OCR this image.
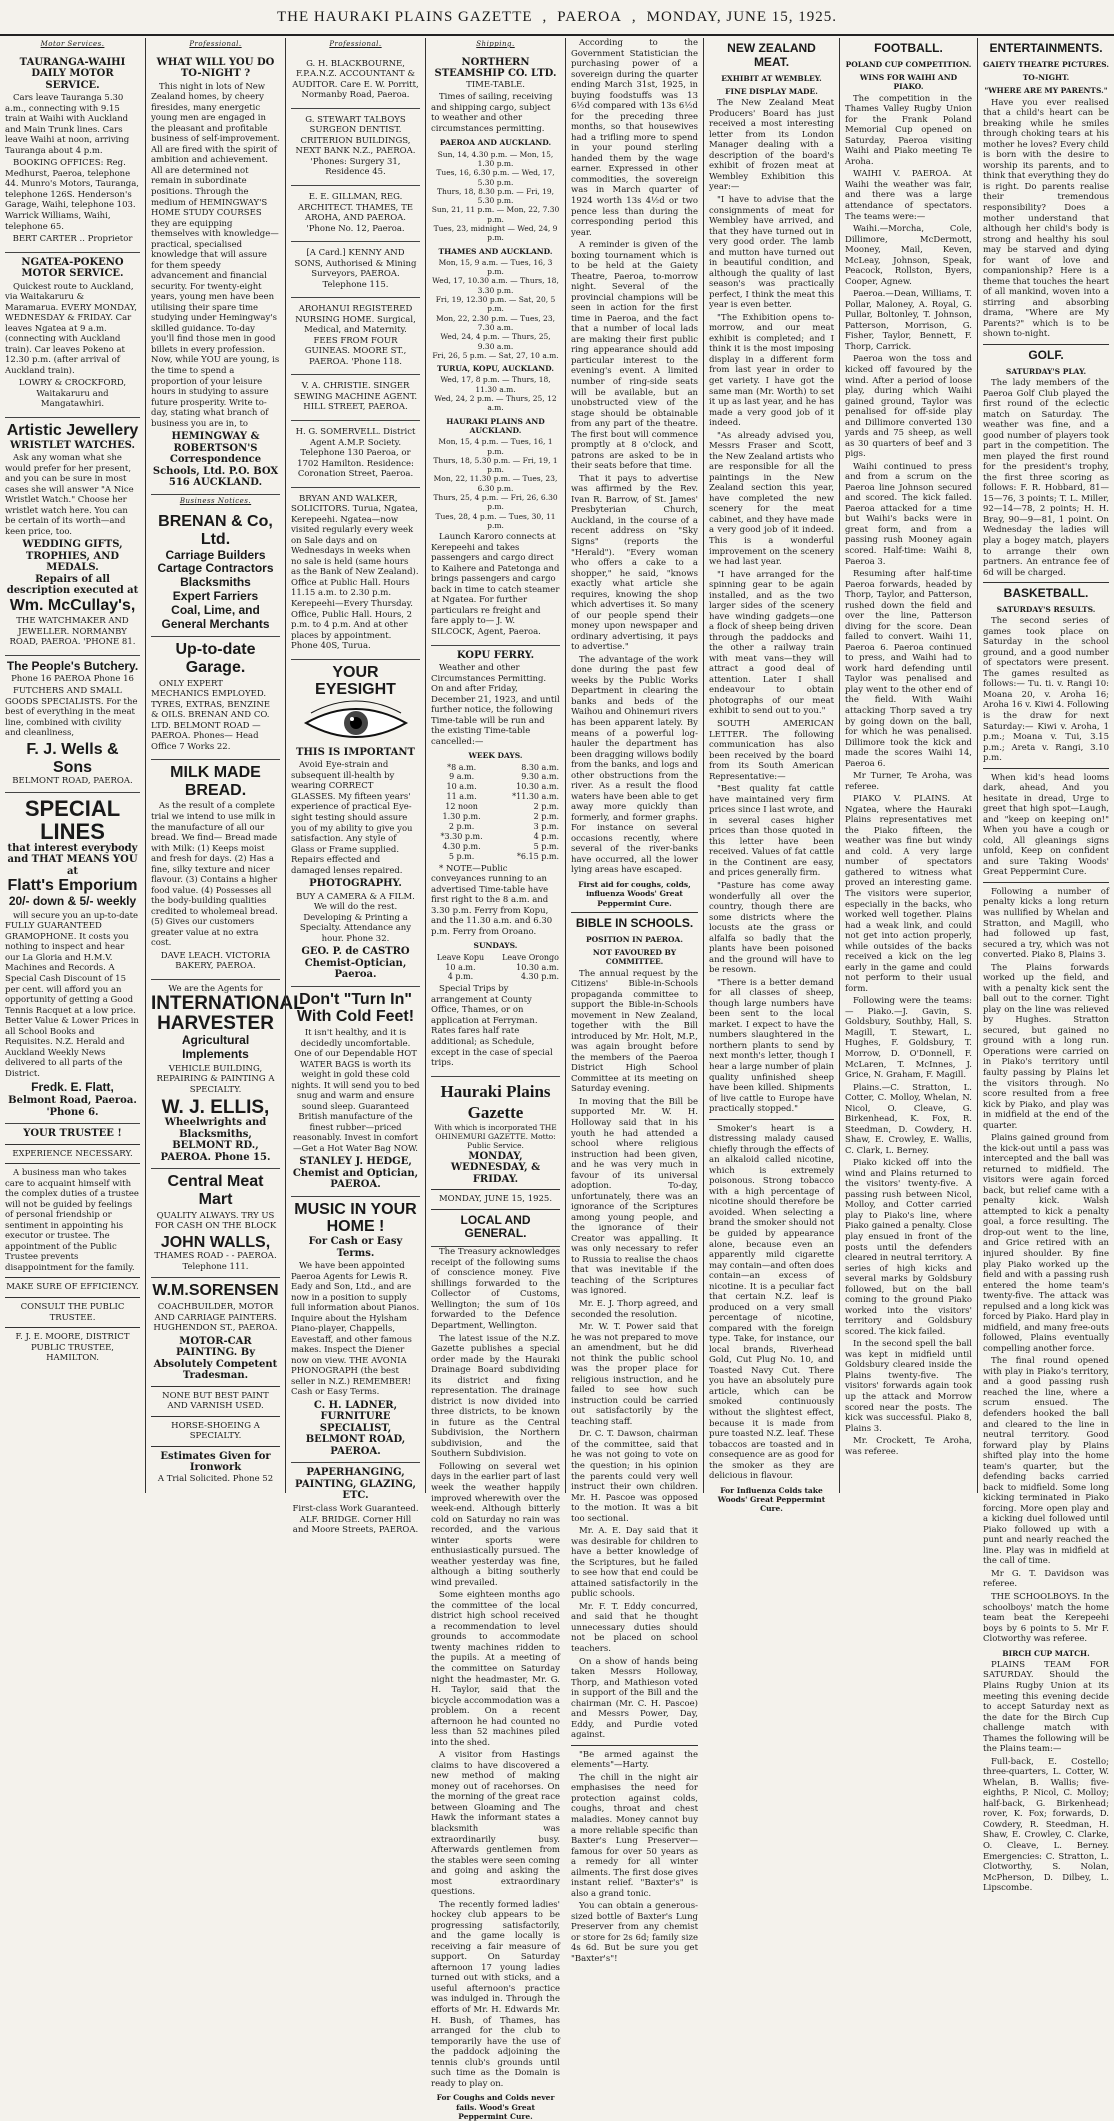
THE HAURAKI PLAINS GAZETTE , PAEROA , MONDAY, JUNE 15, 1925.
Motor Services.
TAURANGA-WAIHI DAILY MOTOR SERVICE.

Cars leave Tauranga 5.30 a.m., connecting with 9.15 train at Waihi with Auckland and Main Trunk lines. Cars leave Waihi at noon, arriving Tauranga about 4 p.m.

BOOKING OFFICES: Reg. Medhurst, Paeroa, telephone 44. Munro's Motors, Tauranga, telephone 126S. Henderson's Garage, Waihi, telephone 103. Warrick Williams, Waihi, telephone 65.

BERT CARTER .. Proprietor

NGATEA-POKENO MOTOR SERVICE.

Quickest route to Auckland, via Waitakaruru & Maramarua. EVERY MONDAY, WEDNESDAY & FRIDAY. Car leaves Ngatea at 9 a.m. (connecting with Auckland train). Car leaves Pokeno at 12.30 p.m. (after arrival of Auckland train).

LOWRY & CROCKFORD, Waitakaruru and Mangatawhiri.

Artistic Jewellery
WRISTLET WATCHES.

Ask any woman what she would prefer for her present, and you can be sure in most cases she will answer "A Nice Wristlet Watch." Choose her wristlet watch here. You can be certain of its worth—and keen price, too.

WEDDING GIFTS, TROPHIES, AND MEDALS.
Repairs of all description executed at
Wm. McCullay's,

THE WATCHMAKER AND JEWELLER. NORMANBY ROAD, PAEROA. 'PHONE 81.

The People's Butchery.
Phone 16 PAEROA Phone 16

FUTCHERS AND SMALL GOODS SPECIALISTS. For the best of everything in the meat line, combined with civility and cleanliness,

F. J. Wells & Sons
BELMONT ROAD, PAEROA.
SPECIAL LINES
that interest everybody and THAT MEANS YOU at
Flatt's Emporium
20/- down & 5/- weekly

will secure you an up-to-date FULLY GUARANTEED GRAMOPHONE. It costs you nothing to inspect and hear our La Gloria and H.M.V. Machines and Records. A Special Cash Discount of 15 per cent. will afford you an opportunity of getting a Good Tennis Racquet at a low price. Better Value & Lower Prices in all School Books and Requisites. N.Z. Herald and Auckland Weekly News delivered to all parts of the District.

Fredk. E. Flatt,
Belmont Road, Paeroa. 'Phone 6.
YOUR TRUSTEE !
EXPERIENCE NECESSARY.

A business man who takes care to acquaint himself with the complex duties of a trustee will not be guided by feelings of personal friendship or sentiment in appointing his executor or trustee. The appointment of the Public Trustee prevents disappointment for the family.

MAKE SURE OF EFFICIENCY.
CONSULT THE PUBLIC TRUSTEE.
F. J. E. MOORE, DISTRICT PUBLIC TRUSTEE, HAMILTON.
Professional.
WHAT WILL YOU DO TO-NIGHT ?

This night in lots of New Zealand homes, by cheery firesides, many energetic young men are engaged in the pleasant and profitable business of self-improvement. All are fired with the spirit of ambition and achievement. All are determined not remain in subordinate positions. Through the medium of HEMINGWAY'S HOME STUDY COURSES they are equipping themselves with knowledge—practical, specialised knowledge that will assure for them speedy advancement and financial security. For twenty-eight years, young men have been utilising their spare time studying under Hemingway's skilled guidance. To-day you'll find those men in good billets in every profession. Now, while YOU are young, is the time to spend a proportion of your leisure hours in studying to assure future prosperity. Write to-day, stating what branch of business you are in, to

HEMINGWAY & ROBERTSON'S Correspondence Schools, Ltd. P.O. BOX 516 AUCKLAND.
Business Notices.
BRENAN & Co, Ltd.
Carriage Builders
Cartage Contractors
Blacksmiths
Expert Farriers
Coal, Lime, and
General Merchants
Up-to-date Garage.

ONLY EXPERT MECHANICS EMPLOYED. TYRES, EXTRAS, BENZINE & OILS. BRENAN AND CO. LTD. BELMONT ROAD — PAEROA. Phones— Head Office 7 Works 22.

MILK MADE BREAD.

As the result of a complete trial we intend to use milk in the manufacture of all our bread. We find— Bread made with Milk: (1) Keeps moist and fresh for days. (2) Has a fine, silky texture and nicer flavour. (3) Contains a higher food value. (4) Possesses all the body-building qualities credited to wholemeal bread. (5) Gives our customers greater value at no extra cost.

DAVE LEACH. VICTORIA BAKERY, PAEROA.

We are the Agents for
INTERNATIONAL HARVESTER
Agricultural Implements

VEHICLE BUILDING, REPAIRING & PAINTING A SPECIALTY.

W. J. ELLIS,
Wheelwrights and Blacksmiths,
BELMONT RD., PAEROA. Phone 15.
Central Meat Mart

QUALITY ALWAYS. TRY US FOR CASH ON THE BLOCK

JOHN WALLS,
THAMES ROAD - - PAEROA. Telephone 111.
W.M.SORENSEN

COACHBUILDER, MOTOR AND CARRIAGE PAINTERS. HUGHENDON ST., PAEROA.

MOTOR-CAR PAINTING. By Absolutely Competent Tradesman.
NONE BUT BEST PAINT AND VARNISH USED.
HORSE-SHOEING A SPECIALTY.
Estimates Given for Ironwork
A Trial Solicited. Phone 52
Professional.

G. H. BLACKBOURNE, F.P.A.N.Z. ACCOUNTANT & AUDITOR. Care E. W. Porritt, Normanby Road, Paeroa.

G. STEWART TALBOYS SURGEON DENTIST. CRITERION BUILDINGS, NEXT BANK N.Z., PAEROA. 'Phones: Surgery 31, Residence 45.

E. E. GILLMAN, REG. ARCHITECT. THAMES, TE AROHA, AND PAEROA. 'Phone No. 12, Paeroa.

[A Card.] KENNY AND SONS, Authorised & Mining Surveyors, PAEROA. Telephone 115.

AROHANUI REGISTERED NURSING HOME. Surgical, Medical, and Maternity. FEES FROM FOUR GUINEAS. MOORE ST., PAEROA. 'Phone 118.

V. A. CHRISTIE. SINGER SEWING MACHINE AGENT. HILL STREET, PAEROA.

H. G. SOMERVELL. District Agent A.M.P. Society. Telephone 130 Paeroa, or 1702 Hamilton. Residence: Coronation Street, Paeroa.

BRYAN AND WALKER, SOLICITORS. Turua, Ngatea, Kerepeehi. Ngatea—now visited regularly every week on Sale days and on Wednesdays in weeks when no sale is held (same hours as the Bank of New Zealand). Office at Public Hall. Hours 11.15 a.m. to 2.30 p.m. Kerepeehi—Every Thursday. Office, Public Hall. Hours, 2 p.m. to 4 p.m. And at other places by appointment. Phone 40S, Turua.

YOUR EYESIGHT
THIS IS IMPORTANT

Avoid Eye-strain and subsequent ill-health by wearing CORRECT GLASSES. My fifteen years' experience of practical Eye-sight testing should assure you of my ability to give you satisfaction. Any style of Glass or Frame supplied. Repairs effected and damaged lenses repaired.

PHOTOGRAPHY.

BUY A CAMERA & A FILM. We will do the rest. Developing & Printing a Specialty. Attendance any hour. Phone 32.

GEO. P. de CASTRO Chemist-Optician, Paeroa.
Don't "Turn In" With Cold Feet!

It isn't healthy, and it is decidedly uncomfortable. One of our Dependable HOT WATER BAGS is worth its weight in gold these cold nights. It will send you to bed snug and warm and ensure sound sleep. Guaranteed British manufacture of the finest rubber—priced reasonably. Invest in comfort—Get a Hot Water Bag NOW.

STANLEY J. HEDGE, Chemist and Optician, PAEROA.
MUSIC IN YOUR HOME !
For Cash or Easy Terms.

We have been appointed Paeroa Agents for Lewis R. Eady and Son, Ltd., and are now in a position to supply full information about Pianos. Inquire about the Hylsham Piano-player, Chappells, Eavestaff, and other famous makes. Inspect the Diener now on view. THE AVONIA PHONOGRAPH (the best seller in N.Z.) REMEMBER! Cash or Easy Terms.

C. H. LADNER, FURNITURE SPECIALIST, BELMONT ROAD, PAEROA.
PAPERHANGING, PAINTING, GLAZING, ETC.

First-class Work Guaranteed. ALF. BRIDGE. Corner Hill and Moore Streets, PAEROA.

Shipping.
NORTHERN STEAMSHIP CO. LTD.
TIME-TABLE.

Times of sailing, receiving and shipping cargo, subject to weather and other circumstances permitting.

PAEROA AND AUCKLAND.
Sun, 14, 4.30 p.m. — Mon, 15, 1.30 p.m.
Tues, 16, 6.30 p.m. — Wed, 17, 5.30 p.m.
Thurs, 18, 8.30 p.m. — Fri, 19, 5.30 p.m.
Sun, 21, 11 p.m. — Mon, 22, 7.30 p.m.
Tues, 23, midnight — Wed, 24, 9 p.m.
THAMES AND AUCKLAND.
Mon, 15, 9 a.m. — Tues, 16, 3 p.m.
Wed, 17, 10.30 a.m. — Thurs, 18, 3.30 p.m.
Fri, 19, 12.30 p.m. — Sat, 20, 5 p.m.
Mon, 22, 2.30 p.m. — Tues, 23, 7.30 a.m.
Wed, 24, 4 p.m. — Thurs, 25, 9.30 a.m.
Fri, 26, 5 p.m. — Sat, 27, 10 a.m.
TURUA, KOPU, AUCKLAND.
Wed, 17, 8 p.m. — Thurs, 18, 11.30 a.m.
Wed, 24, 2 p.m. — Thurs, 25, 12 a.m.
HAURAKI PLAINS AND AUCKLAND.
Mon, 15, 4 p.m. — Tues, 16, 1 p.m.
Thurs, 18, 5.30 p.m. — Fri, 19, 1 p.m.
Mon, 22, 11.30 p.m. — Tues, 23, 6.30 p.m.
Thurs, 25, 4 p.m. — Fri, 26, 6.30 p.m.
Tues, 28, 4 p.m. — Tues, 30, 11 p.m.

Launch Karoro connects at Kerepeehi and takes passengers and cargo direct to Kaihere and Patetonga and brings passengers and cargo back in time to catch steamer at Ngatea. For further particulars re freight and fare apply to— J. W. SILCOCK, Agent, Paeroa.

KOPU FERRY.

Weather and other Circumstances Permitting. On and after Friday, December 21, 1923, and until further notice, the following Time-table will be run and the existing Time-table cancelled:—

WEEK DAYS.
*8 a.m.	8.30 a.m.
9 a.m.	9.30 a.m.
10 a.m.	10.30 a.m.
11 a.m.	*11.30 a.m.
12 noon	2 p.m.
1.30 p.m.	2 p.m.
2 p.m.	3 p.m.
*3.30 p.m.	4 p.m.
4.30 p.m.	5 p.m.
5 p.m.	*6.15 p.m.

* NOTE—Public conveyances running to an advertised Time-table have first right to the 8 a.m. and 3.30 p.m. Ferry from Kopu, and the 11.30 a.m. and 6.30 p.m. Ferry from Oroano.

SUNDAYS.
Leave Kopu	Leave Orongo
10 a.m.	10.30 a.m.
4 p.m.	4.30 p.m.

Special Trips by arrangement at County Office, Thames, or on application at Ferryman. Rates fares half rate additional; as Schedule, except in the case of special trips.

Hauraki Plains Gazette
With which is incorporated THE OHINEMURI GAZETTE. Motto: Public Service.
MONDAY, WEDNESDAY, & FRIDAY.
MONDAY, JUNE 15, 1925.
LOCAL AND GENERAL.

The Treasury acknowledges receipt of the following sums of conscience money. Five shillings forwarded to the Collector of Customs, Wellington; the sum of 10s forwarded to the Defence Department, Wellington.

The latest issue of the N.Z. Gazette publishes a special order made by the Hauraki Drainage Board subdividing its district and fixing representation. The drainage district is now divided into three districts, to be known in future as the Central Subdivision, the Northern subdivision, and the Southern Subdivision.

Following on several wet days in the earlier part of last week the weather happily improved wherewith over the week-end. Although bitterly cold on Saturday no rain was recorded, and the various winter sports were enthusiastically pursued. The weather yesterday was fine, although a biting southerly wind prevailed.

Some eighteen months ago the committee of the local district high school received a recommendation to level grounds to accommodate twenty machines ridden to the pupils. At a meeting of the committee on Saturday night the headmaster, Mr. G. H. Taylor, said that the bicycle accommodation was a problem. On a recent afternoon he had counted no less than 52 machines piled into the shed.

A visitor from Hastings claims to have discovered a new method of making money out of racehorses. On the morning of the great race between Gloaming and The Hawk the informant states a blacksmith was extraordinarily busy. Afterwards gentlemen from the stables were seen coming and going and asking the most extraordinary questions.

The recently formed ladies' hockey club appears to be progressing satisfactorily, and the game locally is receiving a fair measure of support. On Saturday afternoon 17 young ladies turned out with sticks, and a useful afternoon's practice was indulged in. Through the efforts of Mr. H. Edwards Mr. H. Bush, of Thames, has arranged for the club to temporarily have the use of the paddock adjoining the tennis club's grounds until such time as the Domain is ready to play on.

For Coughs and Colds never fails. Wood's Great Peppermint Cure.

According to the Government Statistician the purchasing power of a sovereign during the quarter ending March 31st, 1925, in buying foodstuffs was 13 6½d compared with 13s 6½d for the preceding three months, so that housewives had a trifling more to spend in your pound sterling handed them by the wage earner. Expressed in other commodities, the sovereign was in March quarter of 1924 worth 13s 4½d or two pence less than during the corresponding period this year.

A reminder is given of the boxing tournament which is to be held at the Gaiety Theatre, Paeroa, to-morrow night. Several of the provincial champions will be seen in action for the first time in Paeroa, and the fact that a number of local lads are making their first public ring appearance should add particular interest to the evening's event. A limited number of ring-side seats will be available, but an unobstructed view of the stage should be obtainable from any part of the theatre. The first bout will commence promptly at 8 o'clock, and patrons are asked to be in their seats before that time.

That it pays to advertise was affirmed by the Rev. Ivan R. Barrow, of St. James' Presbyterian Church, Auckland, in the course of a recent address on "Sky Signs" (reports the "Herald"). "Every woman who offers a cake to a shopper," he said, "knows exactly what article she requires, knowing the shop which advertises it. So many of our people spend their money upon newspaper and ordinary advertising, it pays to advertise."

The advantage of the work done during the past few weeks by the Public Works Department in clearing the banks and beds of the Waihou and Ohinemuri rivers has been apparent lately. By means of a powerful log-hauler the department has been dragging willows bodily from the banks, and logs and other obstructions from the river. As a result the flood waters have been able to get away more quickly than formerly, and former graphs. For instance on several occasions recently, where several of the river-banks have occurred, all the lower lying areas have escaped.

First aid for coughs, colds, influenza Woods' Great Peppermint Cure.
BIBLE IN SCHOOLS.
POSITION IN PAEROA.
NOT FAVOURED BY COMMITTEE.

The annual request by the Citizens' Bible-in-Schools propaganda committee to support the Bible-in-Schools movement in New Zealand, together with the Bill introduced by Mr. Holt, M.P., was again brought before the members of the Paeroa District High School Committee at its meeting on Saturday evening.

In moving that the Bill be supported Mr. W. H. Holloway said that in his youth he had attended a school where religious instruction had been given, and he was very much in favour of its universal adoption. To-day, unfortunately, there was an ignorance of the Scriptures among young people, and the ignorance of their Creator was appalling. It was only necessary to refer to Russia to realise the chaos that was inevitable if the teaching of the Scriptures was ignored.

Mr. E. J. Thorp agreed, and seconded the resolution.

Mr. W. T. Power said that he was not prepared to move an amendment, but he did not think the public school was the proper place for religious instruction, and he failed to see how such instruction could be carried out satisfactorily by the teaching staff.

Dr. C. T. Dawson, chairman of the committee, said that he was not going to vote on the question; in his opinion the parents could very well instruct their own children. Mr. H. Pascoe was opposed to the motion. It was a bit too sectional.

Mr. A. E. Day said that it was desirable for children to have a better knowledge of the Scriptures, but he failed to see how that end could be attained satisfactorily in the public schools.

Mr. F. T. Eddy concurred, and said that he thought unnecessary duties should not be placed on school teachers.

On a show of hands being taken Messrs Holloway, Thorp, and Mathieson voted in support of the Bill and the chairman (Mr. C. H. Pascoe) and Messrs Power, Day, Eddy, and Purdie voted against.

"Be armed against the elements"—Harty.

The chill in the night air emphasises the need for protection against colds, coughs, throat and chest maladies. Money cannot buy a more reliable specific than Baxter's Lung Preserver—famous for over 50 years as a remedy for all winter ailments. The first dose gives instant relief. "Baxter's" is also a grand tonic.

You can obtain a generous-sized bottle of Baxter's Lung Preserver from any chemist or store for 2s 6d; family size 4s 6d. But be sure you get "Baxter's"!

NEW ZEALAND MEAT.
EXHIBIT AT WEMBLEY.
FINE DISPLAY MADE.

The New Zealand Meat Producers' Board has just received a most interesting letter from its London Manager dealing with a description of the board's exhibit of frozen meat at Wembley Exhibition this year:—

"I have to advise that the consignments of meat for Wembley have arrived, and that they have turned out in very good order. The lamb and mutton have turned out in beautiful condition, and although the quality of last season's was practically perfect, I think the meat this year is even better.

"The Exhibition opens to-morrow, and our meat exhibit is completed; and I think it is the most imposing display in a different form from last year in order to get variety. I have got the same man (Mr. Worth) to set it up as last year, and he has made a very good job of it indeed.

"As already advised you, Messrs Fraser and Scott, the New Zealand artists who are responsible for all the paintings in the New Zealand section this year, have completed the new scenery for the meat cabinet, and they have made a very good job of it indeed. This is a wonderful improvement on the scenery we had last year.

"I have arranged for the spinning gear to be again installed, and as the two larger sides of the scenery have winding gadgets—one a flock of sheep being driven through the paddocks and the other a railway train with meat vans—they will attract a good deal of attention. Later I shall endeavour to obtain photographs of our meat exhibit to send out to you."

SOUTH AMERICAN LETTER. The following communication has also been received by the board from its South American Representative:—

"Best quality fat cattle have maintained very firm prices since I last wrote, and in several cases higher prices than those quoted in this letter have been received. Values of fat cattle in the Continent are easy, and prices generally firm.

"Pasture has come away wonderfully all over the country, though there are some districts where the locusts ate the grass or alfalfa so badly that the plants have been poisoned and the ground will have to be resown.

"There is a better demand for all classes of sheep, though large numbers have been sent to the local market. I expect to have the numbers slaughtered in the northern plants to send by next month's letter, though I hear a large number of plain quality unfinished sheep have been killed. Shipments of live cattle to Europe have practically stopped."

Smoker's heart is a distressing malady caused chiefly through the effects of an alkaloid called nicotine, which is extremely poisonous. Strong tobacco with a high percentage of nicotine should therefore be avoided. When selecting a brand the smoker should not be guided by appearance alone, because even an apparently mild cigarette may contain—and often does contain—an excess of nicotine. It is a peculiar fact that certain N.Z. leaf is produced on a very small percentage of nicotine, compared with the foreign type. Take, for instance, our local brands, Riverhead Gold, Cut Plug No. 10, and Toasted Navy Cut. There you have an absolutely pure article, which can be smoked continuously without the slightest effect, because it is made from pure toasted N.Z. leaf. These tobaccos are toasted and in consequence are as good for the smoker as they are delicious in flavour.

For Influenza Colds take Woods' Great Peppermint Cure.
FOOTBALL.
POLAND CUP COMPETITION.
WINS FOR WAIHI AND PIAKO.

The competition in the Thames Valley Rugby Union for the Frank Poland Memorial Cup opened on Saturday, Paeroa visiting Waihi and Piako meeting Te Aroha.

WAIHI V. PAEROA. At Waihi the weather was fair, and there was a large attendance of spectators. The teams were:—

Waihi.—Morcha, Cole, Dillimore, McDermott, Mooney, Mail, Keven, McLeay, Johnson, Speak, Peacock, Rollston, Byers, Cooper, Agnew.

Paeroa.—Dean, Williams, T. Pollar, Maloney, A. Royal, G. Pullar, Boltonley, T. Johnson, Patterson, Morrison, G. Fisher, Taylor, Bennett, F. Thorp, Carrick.

Paeroa won the toss and kicked off favoured by the wind. After a period of loose play, during which Waihi gained ground, Taylor was penalised for off-side play and Dillimore converted 130 yards and 75 sheep, as well as 30 quarters of beef and 3 pigs.

Waihi continued to press and from a scrum on the Paeroa line Johnson secured and scored. The kick failed. Paeroa attacked for a time but Waihi's backs were in great form, and from a passing rush Mooney again scored. Half-time: Waihi 8, Paeroa 3.

Resuming after half-time Paeroa forwards, headed by Thorp, Taylor, and Patterson, rushed down the field and over the line, Patterson diving for the score. Dean failed to convert. Waihi 11, Paeroa 6. Paeroa continued to press, and Waihi had to work hard defending until Taylor was penalised and play went to the other end of the field. With Waihi attacking Thorp saved a try by going down on the ball, for which he was penalised. Dillimore took the kick and made the scores Waihi 14, Paeroa 6.

Mr Turner, Te Aroha, was referee.

PIAKO V. PLAINS. At Ngatea, where the Hauraki Plains representatives met the Piako fifteen, the weather was fine but windy and cold. A very large number of spectators gathered to witness what proved an interesting game. The visitors were superior, especially in the backs, who worked well together. Plains had a weak link, and could not get into action properly, while outsides of the backs received a kick on the leg early in the game and could not perform to their usual form.

Following were the teams:— Piako.—J. Gavin, S. Goldsbury, Southby, Hall, S. Magill, T. Stewart, L. Hughes, F. Goldsbury, T. Morrow, D. O'Donnell, F. McLaren, T. McInnes, J. Grice, N. Graham, F. Magill.

Plains.—C. Stratton, L. Cotter, C. Molloy, Whelan, N. Nicol, O. Cleave, G. Birkenhead, K. Fox, R. Steedman, D. Cowdery, H. Shaw, E. Crowley, E. Wallis, C. Clark, L. Berney.

Piako kicked off into the wind and Plains returned to the visitors' twenty-five. A passing rush between Nicol, Molloy, and Cotter carried play to Piako's line, where Piako gained a penalty. Close play ensued in front of the posts until the defenders cleared in neutral territory. A series of high kicks and several marks by Goldsbury followed, but on the ball coming to the ground Piako worked into the visitors' territory and Goldsbury scored. The kick failed.

In the second spell the ball was kept in midfield until Goldsbury cleared inside the Plains twenty-five. The visitors' forwards again took up the attack and Morrow scored near the posts. The kick was successful. Piako 8, Plains 3.

Mr. Crockett, Te Aroha, was referee.

ENTERTAINMENTS.
GAIETY THEATRE PICTURES.
TO-NIGHT.
"WHERE ARE MY PARENTS."

Have you ever realised that a child's heart can be breaking while he smiles through choking tears at his mother he loves? Every child is born with the desire to worship its parents, and to think that everything they do is right. Do parents realise their tremendous responsibility? Does a mother understand that although her child's body is strong and healthy his soul may be starved and dying for want of love and companionship? Here is a theme that touches the heart of all mankind, woven into a stirring and absorbing drama, "Where are My Parents?" which is to be shown to-night.

GOLF.
SATURDAY'S PLAY.

The lady members of the Paeroa Golf Club played the first round of the eclectic match on Saturday. The weather was fine, and a good number of players took part in the competition. The men played the first round for the president's trophy, the first three scoring as follows: F. R. Hobbard, 81—15—76, 3 points; T. L. Miller, 92—14—78, 2 points; H. H. Bray, 90—9—81, 1 point. On Wednesday the ladies will play a bogey match, players to arrange their own partners. An entrance fee of 6d will be charged.

BASKETBALL.
SATURDAY'S RESULTS.

The second series of games took place on Saturday in the school ground, and a good number of spectators were present. The games resulted as follows:— Tu. ti. v. Rangi 10: Moana 20, v. Aroha 16; Aroha 16 v. Kiwi 4. Following is the draw for next Saturday:— Kiwi v. Aroha, 1 p.m.; Moana v. Tui, 3.15 p.m.; Areta v. Rangi, 3.10 p.m.

When kid's head looms dark, ahead, And you hesitate in dread, Urge to greet that high spot—Laugh, and "keep on keeping on!" When you have a cough or cold, All gleanings signs unfold, Keep on confident and sure Taking Woods' Great Peppermint Cure.

Following a number of penalty kicks a long return was nullified by Whelan and Stratton, and Magill, who had followed up fast, secured a try, which was not converted. Piako 8, Plains 3.

The Plains forwards worked up the field, and with a penalty kick sent the ball out to the corner. Tight play on the line was relieved by Hughes. Stratton secured, but gained no ground with a long run. Operations were carried on in Piako's territory until faulty passing by Plains let the visitors through. No score resulted from a free kick by Piako, and play was in midfield at the end of the quarter.

Plains gained ground from the kick-out until a pass was intercepted and the ball was returned to midfield. The visitors were again forced back, but relief came with a penalty kick. Walsh attempted to kick a penalty goal, a force resulting. The drop-out went to the line, and Grice retired with an injured shoulder. By fine play Piako worked up the field and with a passing rush entered the home team's twenty-five. The attack was repulsed and a long kick was forced by Piako. Hard play in midfield, and many free-outs followed, Plains eventually compelling another force.

The final round opened with play in Piako's territory, and a good passing rush reached the line, where a scrum ensued. The defenders hooked the ball and cleared to the line in neutral territory. Good forward play by Plains shifted play into the home team's quarter, but the defending backs carried back to midfield. Some long kicking terminated in Piako forcing. More open play and a kicking duel followed until Piako followed up with a punt and nearly reached the line. Play was in midfield at the call of time.

Mr G. T. Davidson was referee.

THE SCHOOLBOYS. In the schoolboys' match the home team beat the Kerepeehi boys by 6 points to 5. Mr F. Clotworthy was referee.

BIRCH CUP MATCH.

PLAINS TEAM FOR SATURDAY. Should the Plains Rugby Union at its meeting this evening decide to accept Saturday next as the date for the Birch Cup challenge match with Thames the following will be the Plains team:—

Full-back, E. Costello; three-quarters, L. Cotter, W. Whelan, B. Wallis; five-eighths, P. Nicol, C. Molloy; half-back, G. Birkenhead; rover, K. Fox; forwards, D. Cowdery, R. Steedman, H. Shaw, E. Crowley, C. Clarke, O. Cleave, L. Berney. Emergencies: C. Stratton, L. Clotworthy, S. Nolan, McPherson, D. Dilbey, L. Lipscombe.
